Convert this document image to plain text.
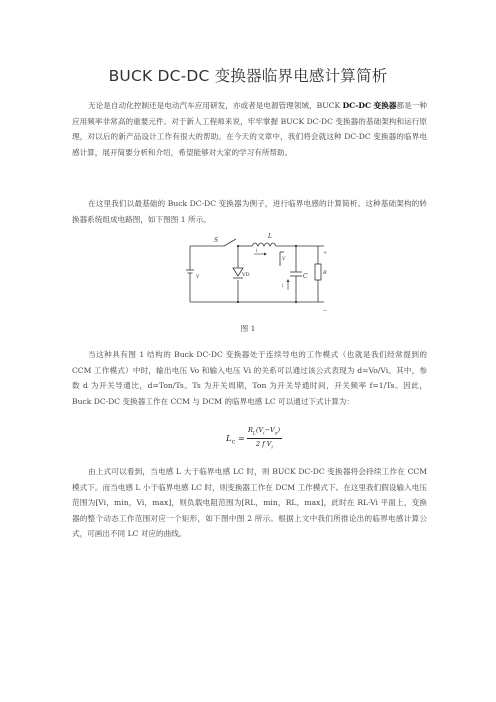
BUCK DC-DC 变换器临界电感计算简析

无论是自动化控制还是电动汽车应用研发，亦或者是电源管理领域，BUCK DC-DC 变换器都是一种应用频率非常高的重要元件。对于新人工程师来说，牢牢掌握 BUCK DC-DC 变换器的基础架构和运行原理，对以后的新产品设计工作有很大的帮助。在今天的文章中，我们将会就这种 DC-DC 变换器的临界电感计算，展开简要分析和介绍，希望能够对大家的学习有所帮助。

在这里我们以最基础的 Buck DC-DC 变换器为例子，进行临界电感的计算简析。这种基础架构的转换器系统组成电路图，如下图图 1 所示。

S
L
i
V	VD	C
i
V
R
+
−
图 1

当这种具有图 1 结构的 Buck DC-DC 变换器处于连续导电的工作模式（也就是我们经常提到的 CCM 工作模式）中时，输出电压 Vo 和输入电压 Vi 的关系可以通过该公式表现为 d=Vo/Vi。其中，参数 d 为开关导通比，d=Ton/Ts。Ts 为开关周期，Ton 为开关导通时间，开关频率 f=1/Ts。因此，Buck DC-DC 变换器工作在 CCM 与 DCM 的临界电感 LC 可以通过下式计算为：

$L_C$ =
$R_L(V_i-V_o)$
2 f $V_i$

由上式可以看到，当电感 L 大于临界电感 LC 时，则 BUCK DC-DC 变换器将会持续工作在 CCM 模式下。而当电感 L 小于临界电感 LC 时，则变换器工作在 DCM 工作模式下。在这里我们假设输入电压范围为[Vi，min，Vi，max]，则负载电阻范围为[RL，min，RL，max]，此时在 RL-Vi 平面上，变换器的整个动态工作范围对应一个矩形，如下图中图 2 所示。根据上文中我们所推论出的临界电感计算公式，可画出不同 LC 对应的曲线。
